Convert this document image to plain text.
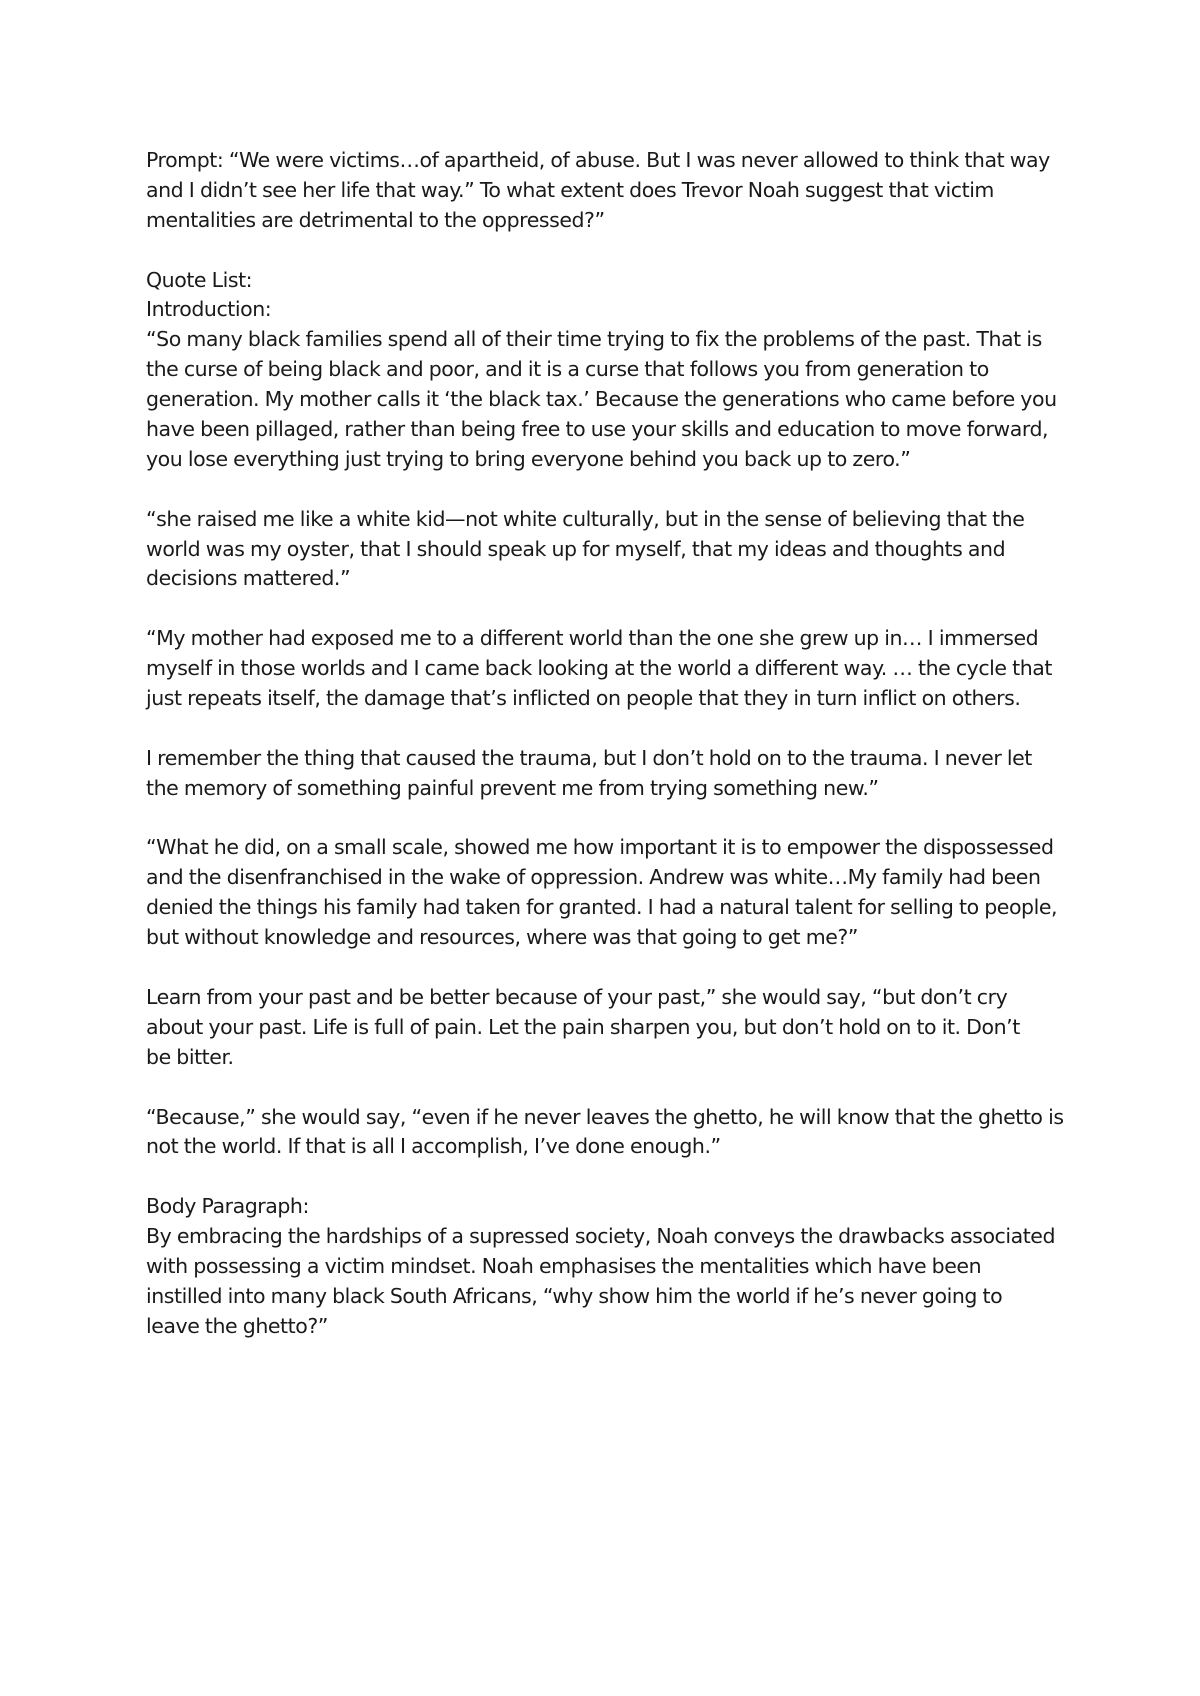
Prompt: “We were victims…of apartheid, of abuse. But I was never allowed to think that way
and I didn’t see her life that way.” To what extent does Trevor Noah suggest that victim
mentalities are detrimental to the oppressed?”
Quote List:
Introduction:
“So many black families spend all of their time trying to fix the problems of the past. That is
the curse of being black and poor, and it is a curse that follows you from generation to
generation. My mother calls it ‘the black tax.’ Because the generations who came before you
have been pillaged, rather than being free to use your skills and education to move forward,
you lose everything just trying to bring everyone behind you back up to zero.”
“she raised me like a white kid—not white culturally, but in the sense of believing that the
world was my oyster, that I should speak up for myself, that my ideas and thoughts and
decisions mattered.”
“My mother had exposed me to a different world than the one she grew up in… I immersed
myself in those worlds and I came back looking at the world a different way. … the cycle that
just repeats itself, the damage that’s inflicted on people that they in turn inflict on others.
I remember the thing that caused the trauma, but I don’t hold on to the trauma. I never let
the memory of something painful prevent me from trying something new.”
“What he did, on a small scale, showed me how important it is to empower the dispossessed
and the disenfranchised in the wake of oppression. Andrew was white…My family had been
denied the things his family had taken for granted. I had a natural talent for selling to people,
but without knowledge and resources, where was that going to get me?”
Learn from your past and be better because of your past,” she would say, “but don’t cry
about your past. Life is full of pain. Let the pain sharpen you, but don’t hold on to it. Don’t
be bitter.
“Because,” she would say, “even if he never leaves the ghetto, he will know that the ghetto is
not the world. If that is all I accomplish, I’ve done enough.”
Body Paragraph:
By embracing the hardships of a supressed society, Noah conveys the drawbacks associated
with possessing a victim mindset. Noah emphasises the mentalities which have been
instilled into many black South Africans, “why show him the world if he’s never going to
leave the ghetto?”
